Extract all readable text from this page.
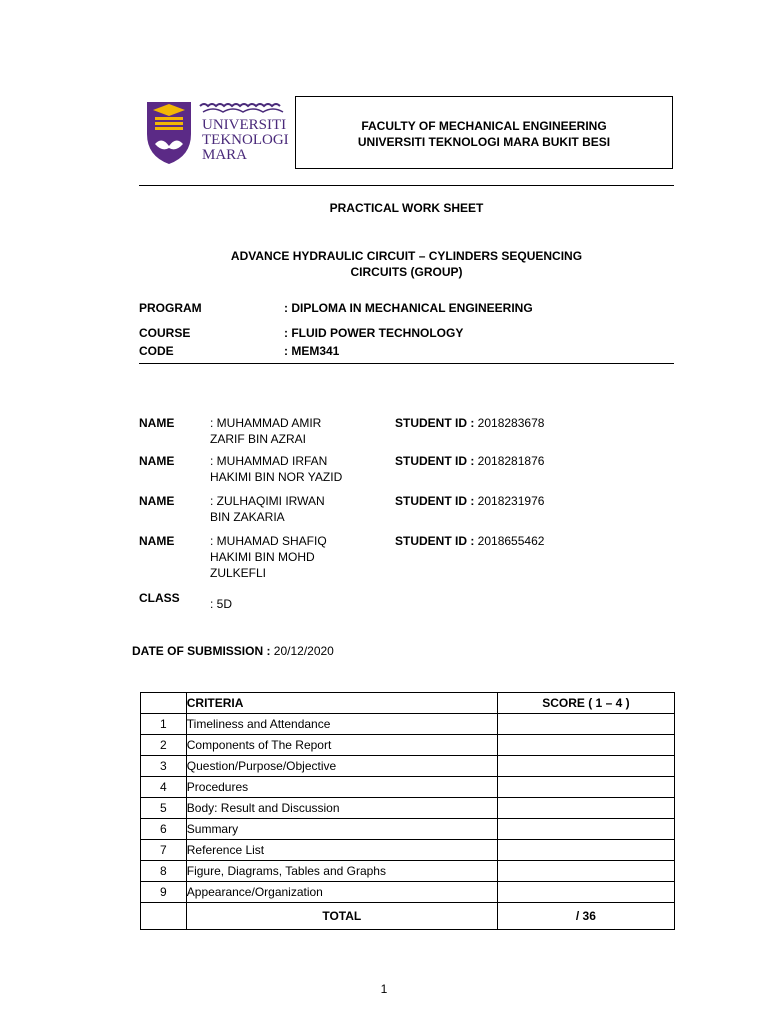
UNIVERSITI
TEKNOLOGI
MARA
FACULTY OF MECHANICAL ENGINEERING
UNIVERSITI TEKNOLOGI MARA BUKIT BESI
PRACTICAL WORK SHEET
ADVANCE HYDRAULIC CIRCUIT – CYLINDERS SEQUENCING
CIRCUITS (GROUP)
PROGRAM	: DIPLOMA IN MECHANICAL ENGINEERING
COURSE	: FLUID POWER TECHNOLOGY
CODE	: MEM341
NAME	: MUHAMMAD AMIR
ZARIF BIN AZRAI
STUDENT ID : 2018283678
NAME	: MUHAMMAD IRFAN
HAKIMI BIN NOR YAZID
STUDENT ID : 2018281876
NAME	: ZULHAQIMI IRWAN
BIN ZAKARIA
STUDENT ID : 2018231976
NAME	: MUHAMAD SHAFIQ
HAKIMI BIN MOHD
ZULKEFLI
STUDENT ID : 2018655462
CLASS	: 5D
DATE OF SUBMISSION : 20/12/2020
	CRITERIA	SCORE ( 1 – 4 )
1	Timeliness and Attendance	
2	Components of The Report	
3	Question/Purpose/Objective	
4	Procedures	
5	Body: Result and Discussion	
6	Summary	
7	Reference List	
8	Figure, Diagrams, Tables and Graphs	
9	Appearance/Organization	
	TOTAL	/ 36
1
